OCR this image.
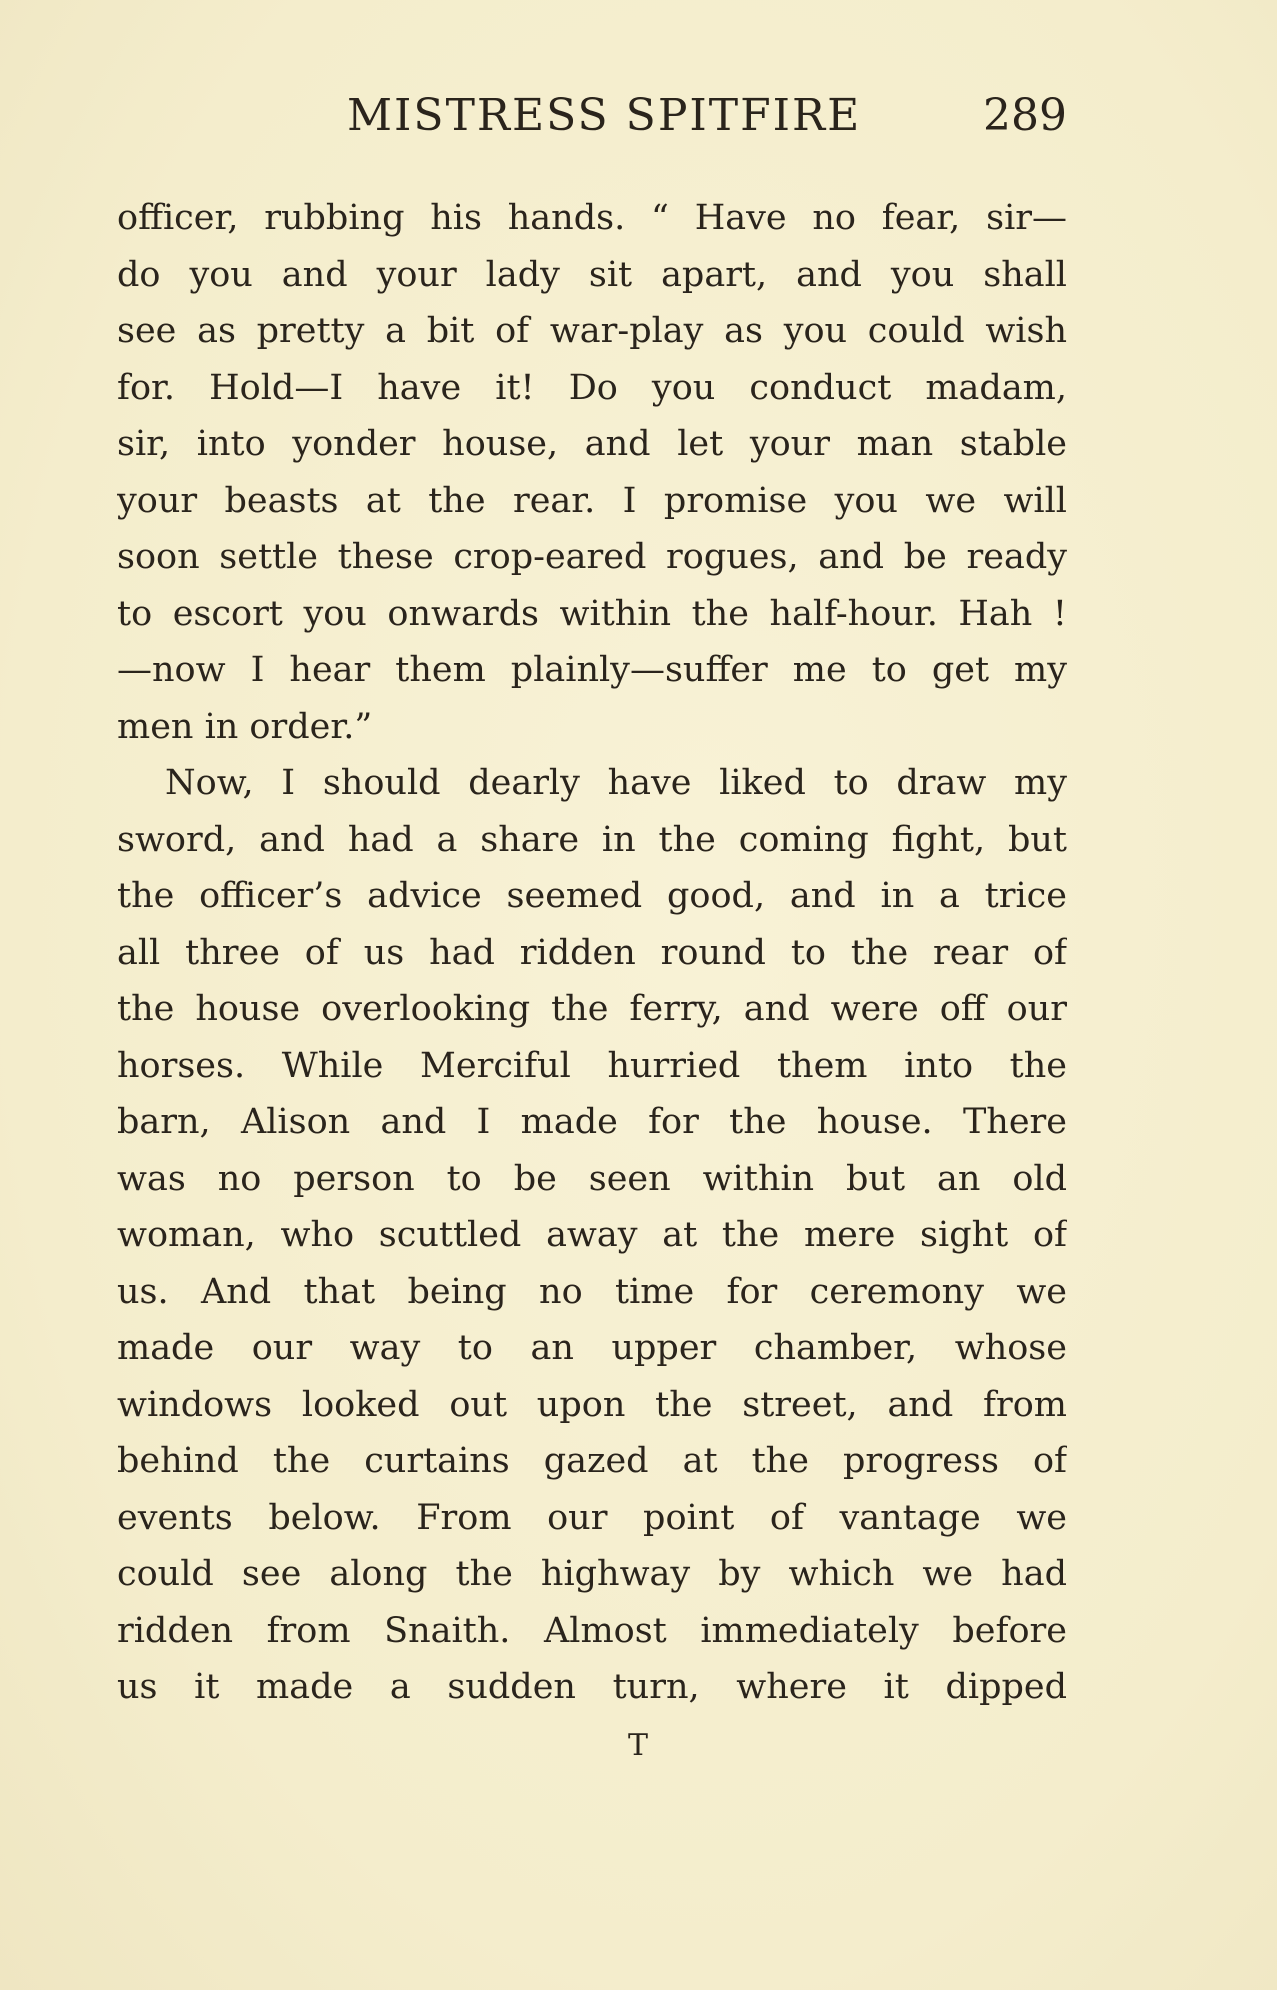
MISTRESS SPITFIRE	289
officer, rubbing his hands. “ Have no fear, sir—
do you and your lady sit apart, and you shall
see as pretty a bit of war-play as you could wish
for. Hold—I have it! Do you conduct madam,
sir, into yonder house, and let your man stable
your beasts at the rear. I promise you we will
soon settle these crop-eared rogues, and be ready
to escort you onwards within the half-hour. Hah !
—now I hear them plainly—suffer me to get my
men in order.”
Now, I should dearly have liked to draw my
sword, and had a share in the coming fight, but
the officer’s advice seemed good, and in a trice
all three of us had ridden round to the rear of
the house overlooking the ferry, and were off our
horses. While Merciful hurried them into the
barn, Alison and I made for the house. There
was no person to be seen within but an old
woman, who scuttled away at the mere sight of
us. And that being no time for ceremony we
made our way to an upper chamber, whose
windows looked out upon the street, and from
behind the curtains gazed at the progress of
events below. From our point of vantage we
could see along the highway by which we had
ridden from Snaith. Almost immediately before
us it made a sudden turn, where it dipped
T
